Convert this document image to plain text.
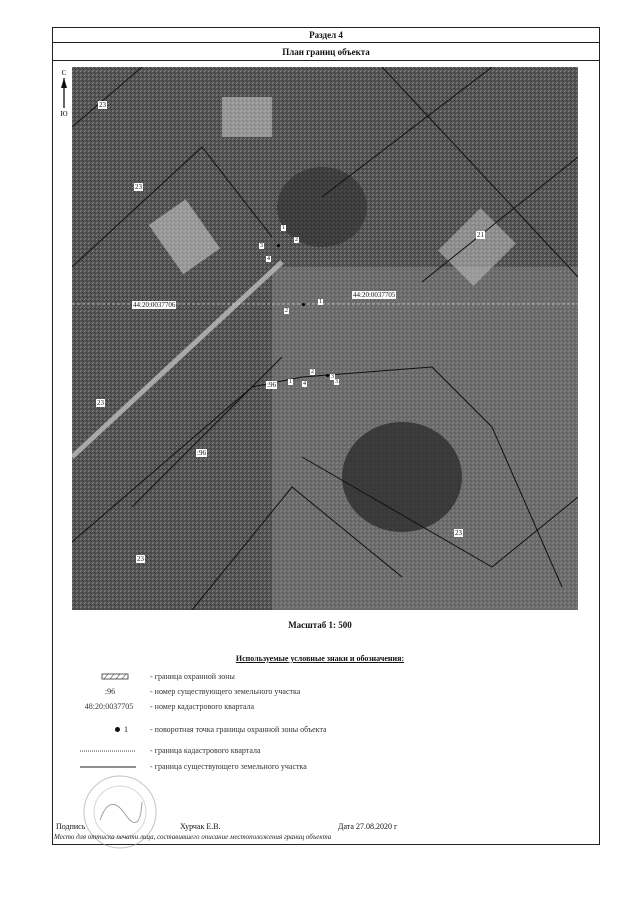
Раздел 4
План границ объекта
С
Ю
23
23
21
:96
:96
23
23
23
44:20:0037706
44:20:0037705
1
2
3
4
1
2
3
4
1
2
3
Масштаб 1: 500
Используемые условные знаки и обозначения:
- граница охранной зоны
:96	- номер существующего земельного участка
48:20:0037705	- номер кадастрового квартала
1	- поворотная точка границы охранной зоны объекта
- граница кадастрового квартала
- граница существующего земельного участка
Подпись	Хурчак Е.В.	Дата 27.08.2020 г
Место для оттиска печати лица, составившего описание местоположения границ объекта
